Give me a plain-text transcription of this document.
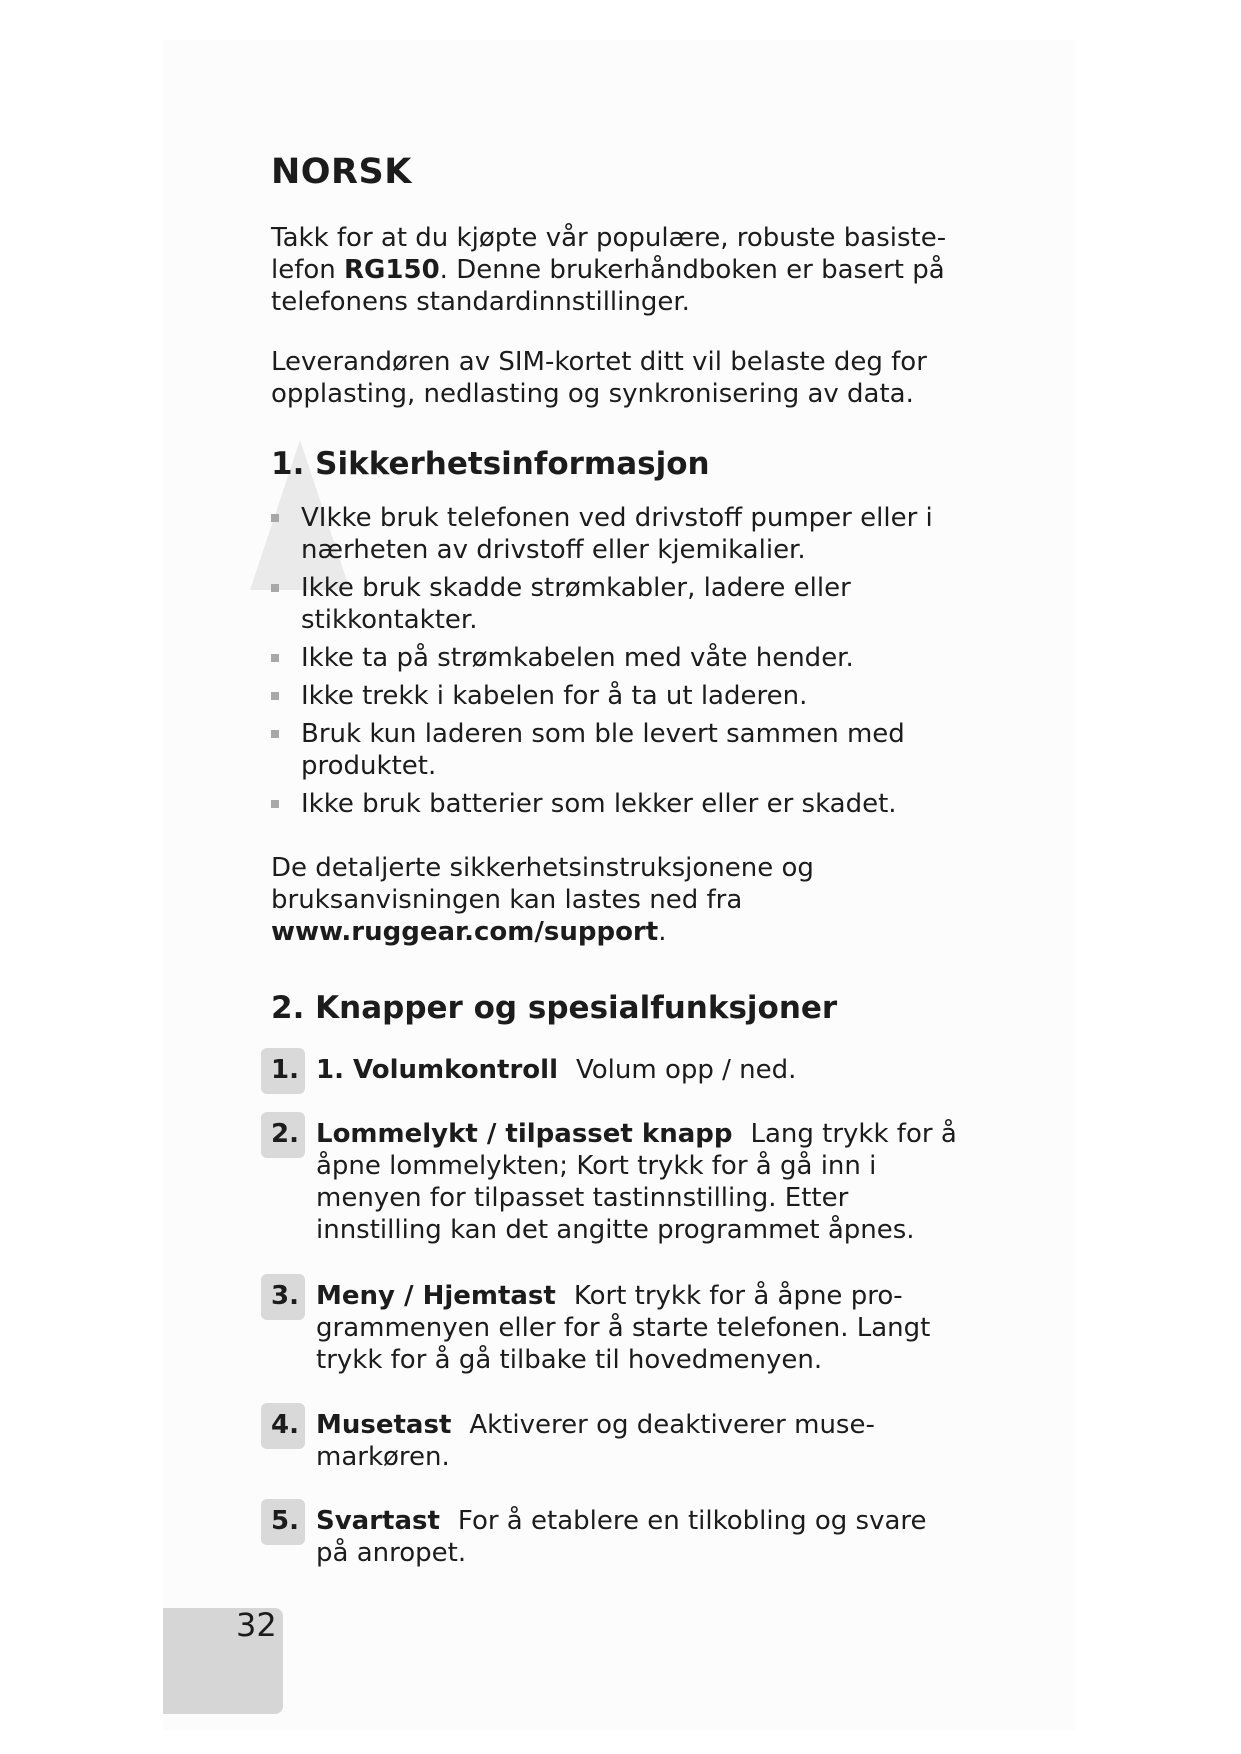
NORSK

Takk for at du kjøpte vår populære, robuste basistelefon RG150. Denne brukerhåndboken er basert på telefonens standardinnstillinger.

Leverandøren av SIM-kortet ditt vil belaste deg for opplasting, nedlasting og synkronisering av data.

1. Sikkerhetsinformasjon
VIkke bruk telefonen ved drivstoff pumper eller i nærheten av drivstoff eller kjemikalier.
Ikke bruk skadde strømkabler, ladere eller stikkontakter.
Ikke ta på strømkabelen med våte hender.
Ikke trekk i kabelen for å ta ut laderen.
Bruk kun laderen som ble levert sammen med produktet.
Ikke bruk batterier som lekker eller er skadet.

De detaljerte sikkerhetsinstruksjonene og bruksanvisningen kan lastes ned fra
www.ruggear.com/support.

2. Knapper og spesialfunksjoner
1. 1. Volumkontroll Volum opp / ned.
2. Lommelykt / tilpasset knapp Lang trykk for å åpne lommelykten; Kort trykk for å gå inn i menyen for tilpasset tastinnstilling. Etter innstilling kan det angitte programmet åpnes.
3. Meny / Hjemtast Kort trykk for å åpne programmenyen eller for å starte telefonen. Langt trykk for å gå tilbake til hovedmenyen.
4. Musetast Aktiverer og deaktiverer musemarkøren.
5. Svartast For å etablere en tilkobling og svare på anropet.
32
